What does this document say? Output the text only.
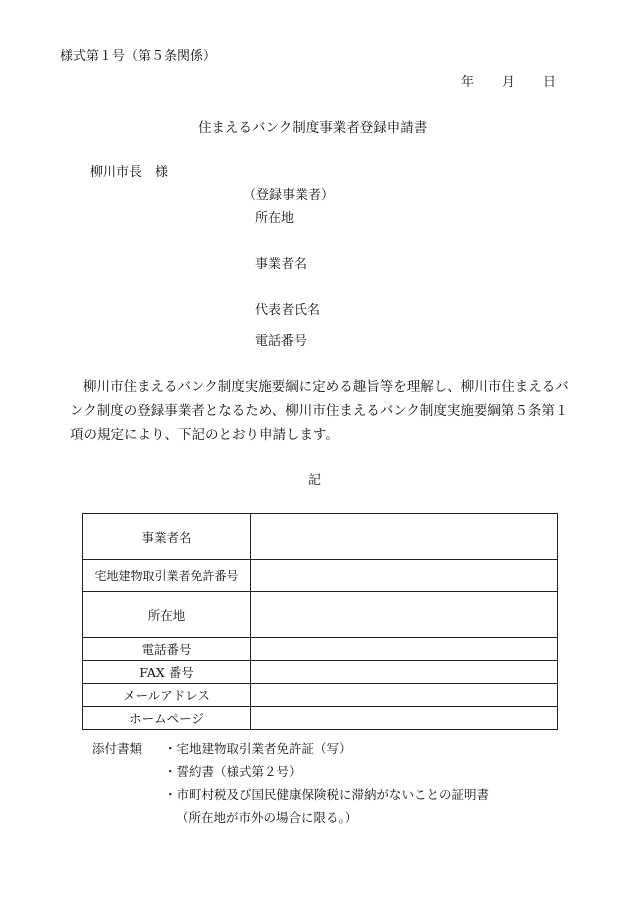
様式第１号（第５条関係）
年 月 日
住まえるバンク制度事業者登録申請書
柳川市長　様
（登録事業者）
所在地
事業者名
代表者氏名
電話番号
柳川市住まえるバンク制度実施要綱に定める趣旨等を理解し、柳川市住まえるバンク制度の登録事業者となるため、柳川市住まえるバンク制度実施要綱第５条第１項の規定により、下記のとおり申請します。
記
事業者名	
宅地建物取引業者免許番号	
所在地	
電話番号	
FAX 番号	
メールアドレス	
ホームページ	
添付書類 ・宅地建物取引業者免許証（写）
・誓約書（様式第２号）
・市町村税及び国民健康保険税に滞納がないことの証明書
（所在地が市外の場合に限る。）
